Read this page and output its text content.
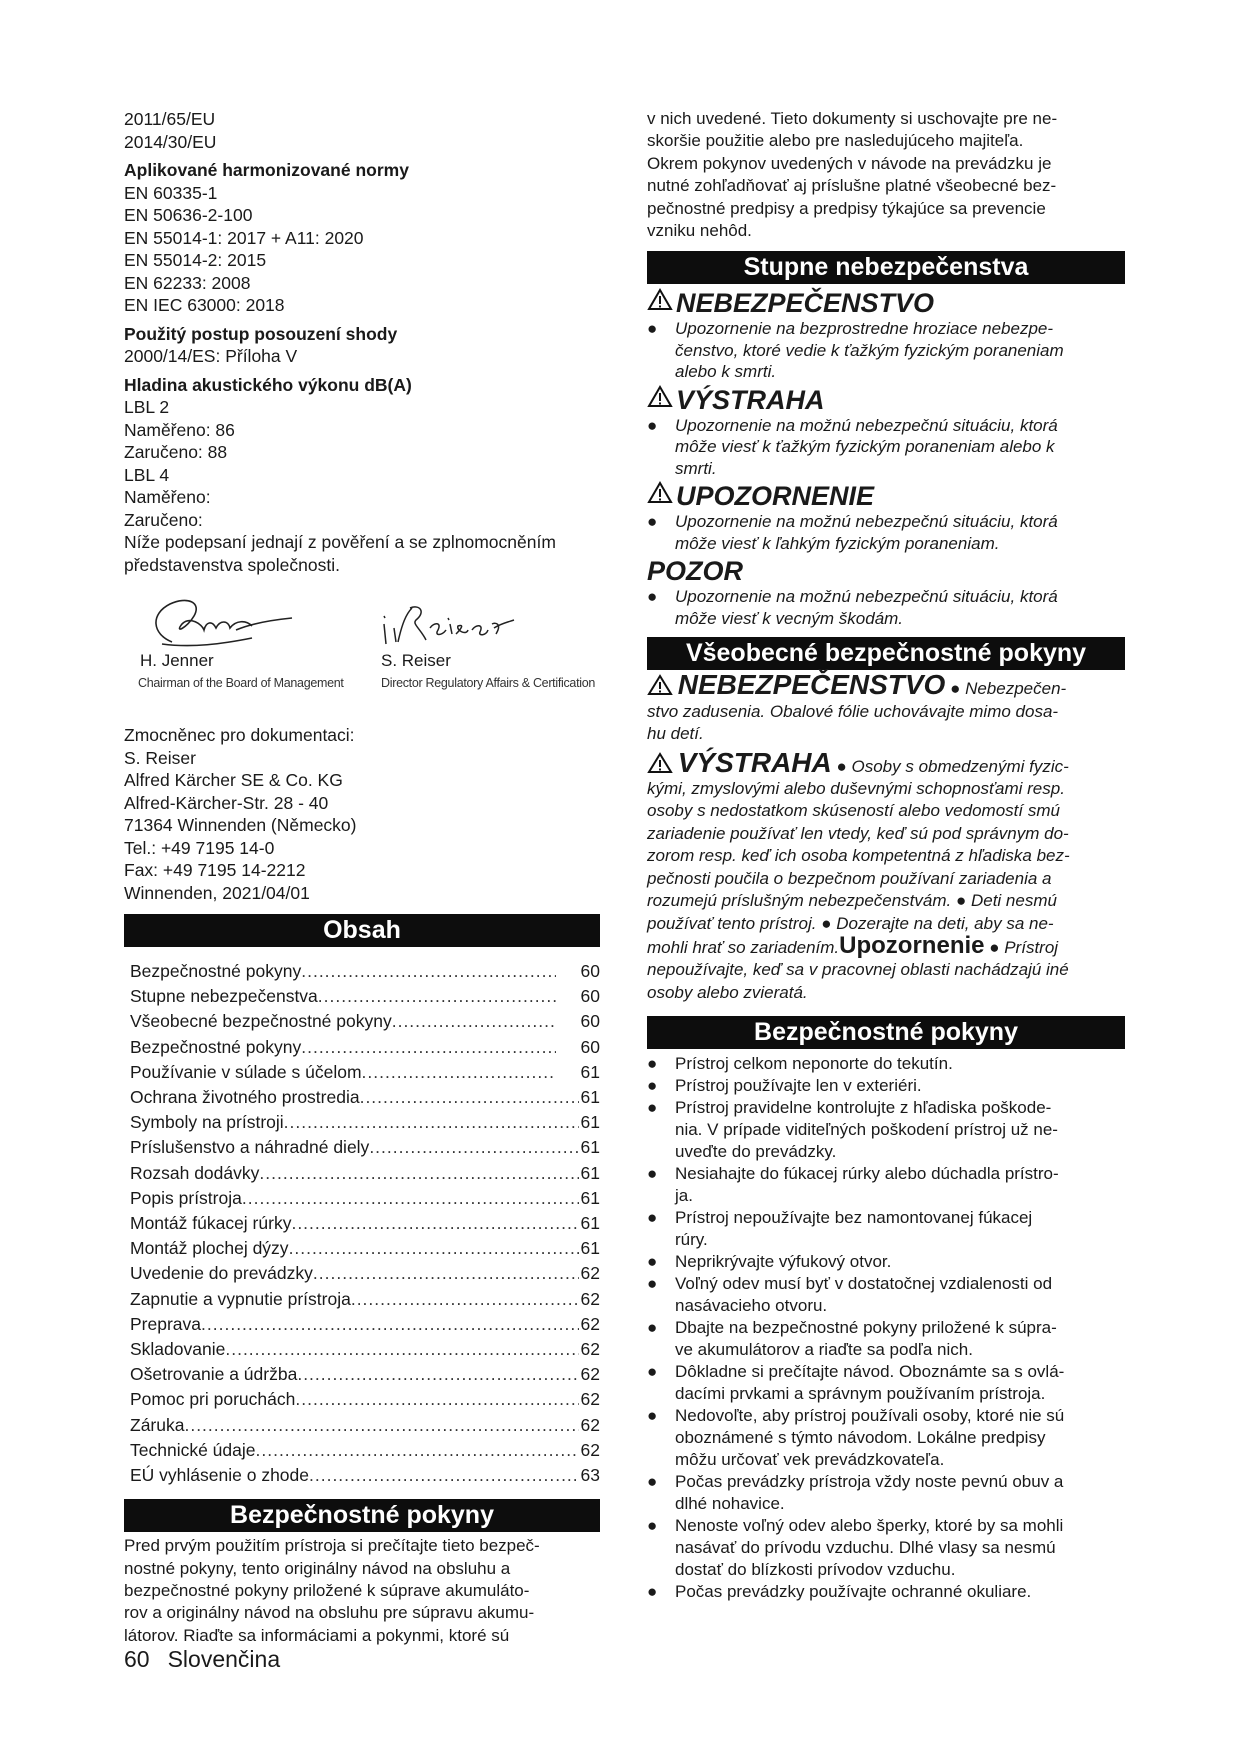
2011/65/EU
2014/30/EU
Aplikované harmonizované normy
EN 60335-1
EN 50636-2-100
EN 55014-1: 2017 + A11: 2020
EN 55014-2: 2015
EN 62233: 2008
EN IEC 63000: 2018
Použitý postup posouzení shody
2000/14/ES: Příloha V
Hladina akustického výkonu dB(A)
LBL 2
Naměřeno: 86
Zaručeno: 88
LBL 4
Naměřeno:
Zaručeno:
Níže podepsaní jednají z pověření a se zplnomocněním
představenstva společnosti.
H. Jenner
Chairman of the Board of Management
S. Reiser
Director Regulatory Affairs & Certification
Zmocněnec pro dokumentaci:
S. Reiser
Alfred Kärcher SE & Co. KG
Alfred-Kärcher-Str. 28 - 40
71364 Winnenden (Německo)
Tel.: +49 7195 14-0
Fax: +49 7195 14-2212
Winnenden, 2021/04/01
Obsah
Bezpečnostné pokyny .....	60
Stupne nebezpečenstva .....	60
Všeobecné bezpečnostné pokyny .....	60
Bezpečnostné pokyny .....	60
Používanie v súlade s účelom .....	61
Ochrana životného prostredia .....	61
Symboly na prístroji .....	61
Príslušenstvo a náhradné diely .....	61
Rozsah dodávky .....	61
Popis prístroja .....	61
Montáž fúkacej rúrky .....	61
Montáž plochej dýzy .....	61
Uvedenie do prevádzky .....	62
Zapnutie a vypnutie prístroja .....	62
Preprava .....	62
Skladovanie .....	62
Ošetrovanie a údržba .....	62
Pomoc pri poruchách .....	62
Záruka .....	62
Technické údaje .....	62
EÚ vyhlásenie o zhode .....	63
Bezpečnostné pokyny
Pred prvým použitím prístroja si prečítajte tieto bezpeč-
nostné pokyny, tento originálny návod na obsluhu a
bezpečnostné pokyny priložené k súprave akumuláto-
rov a originálny návod na obsluhu pre súpravu akumu-
látorov. Riaďte sa informáciami a pokynmi, ktoré sú
v nich uvedené. Tieto dokumenty si uschovajte pre ne-
skoršie použitie alebo pre nasledujúceho majiteľa.
Okrem pokynov uvedených v návode na prevádzku je
nutné zohľadňovať aj príslušne platné všeobecné bez-
pečnostné predpisy a predpisy týkajúce sa prevencie
vzniku nehôd.
Stupne nebezpečenstva
NEBEZPEČENSTVO
●	Upozornenie na bezprostredne hroziace nebezpe-
čenstvo, ktoré vedie k ťažkým fyzickým poraneniam
alebo k smrti.
VÝSTRAHA
●	Upozornenie na možnú nebezpečnú situáciu, ktorá
môže viesť k ťažkým fyzickým poraneniam alebo k
smrti.
UPOZORNENIE
●	Upozornenie na možnú nebezpečnú situáciu, ktorá
môže viesť k ľahkým fyzickým poraneniam.
POZOR
●	Upozornenie na možnú nebezpečnú situáciu, ktorá
môže viesť k vecným škodám.
Všeobecné bezpečnostné pokyny
NEBEZPEČENSTVO ● Nebezpečen-
stvo zadusenia. Obalové fólie uchovávajte mimo dosa-
hu detí.
VÝSTRAHA ● Osoby s obmedzenými fyzic-
kými, zmyslovými alebo duševnými schopnosťami resp.
osoby s nedostatkom skúseností alebo vedomostí smú
zariadenie používať len vtedy, keď sú pod správnym do-
zorom resp. keď ich osoba kompetentná z hľadiska bez-
pečnosti poučila o bezpečnom používaní zariadenia a
rozumejú príslušným nebezpečenstvám. ● Deti nesmú
používať tento prístroj. ● Dozerajte na deti, aby sa ne-
mohli hrať so zariadením.Upozornenie ● Prístroj
nepoužívajte, keď sa v pracovnej oblasti nachádzajú iné
osoby alebo zvieratá.
Bezpečnostné pokyny
●	Prístroj celkom neponorte do tekutín.
●	Prístroj používajte len v exteriéri.
●	Prístroj pravidelne kontrolujte z hľadiska poškode-
nia. V prípade viditeľných poškodení prístroj už ne-
uveďte do prevádzky.
●	Nesiahajte do fúkacej rúrky alebo dúchadla prístro-
ja.
●	Prístroj nepoužívajte bez namontovanej fúkacej
rúry.
●	Neprikrývajte výfukový otvor.
●	Voľný odev musí byť v dostatočnej vzdialenosti od
nasávacieho otvoru.
●	Dbajte na bezpečnostné pokyny priložené k súpra-
ve akumulátorov a riaďte sa podľa nich.
●	Dôkladne si prečítajte návod. Oboznámte sa s ovlá-
dacími prvkami a správnym používaním prístroja.
●	Nedovoľte, aby prístroj používali osoby, ktoré nie sú
oboznámené s týmto návodom. Lokálne predpisy
môžu určovať vek prevádzkovateľa.
●	Počas prevádzky prístroja vždy noste pevnú obuv a
dlhé nohavice.
●	Nenoste voľný odev alebo šperky, ktoré by sa mohli
nasávať do prívodu vzduchu. Dlhé vlasy sa nesmú
dostať do blízkosti prívodov vzduchu.
●	Počas prevádzky používajte ochranné okuliare.
60 Slovenčina
